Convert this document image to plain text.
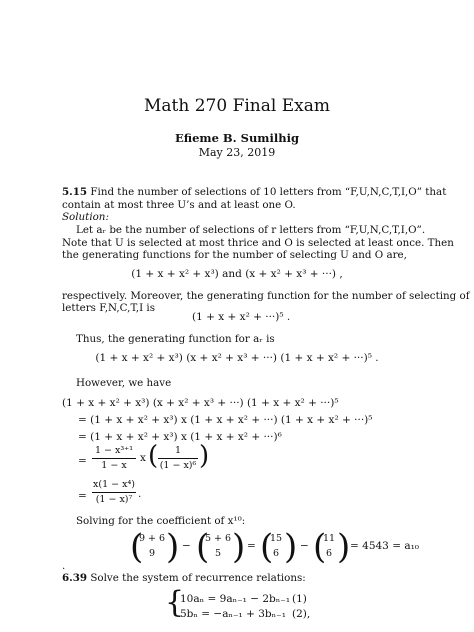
Math 270 Final Exam
Efieme B. Sumilhig
May 23, 2019
5.15 Find the number of selections of 10 letters from “F,U,N,C,T,I,O” that
contain at most three U’s and at least one O.
Solution:
Let aᵣ be the number of selections of r letters from “F,U,N,C,T,I,O”.
Note that U is selected at most thrice and O is selected at least once. Then
the generating functions for the number of selecting U and O are,
(1 + x + x² + x³) and (x + x² + x³ + ···) ,
respectively. Moreover, the generating function for the number of selecting of
letters F,N,C,T,I is
(1 + x + x² + ···)⁵ .
Thus, the generating function for aᵣ is
(1 + x + x² + x³) (x + x² + x³ + ···) (1 + x + x² + ···)⁵ .
However, we have
(1 + x + x² + x³) (x + x² + x³ + ···) (1 + x + x² + ···)⁵
= (1 + x + x² + x³) x (1 + x + x² + ···) (1 + x + x² + ···)⁵
= (1 + x + x² + x³) x (1 + x + x² + ···)⁶
=
1 − x³⁺¹
1 − x
x (	1
(1 − x)⁶ )
=
x(1 − x⁴)
(1 − x)⁷ .
Solving for the coefficient of x¹⁰:
(
9 + 6
9 ) − (
5 + 6
5 ) = (
15
6 ) − (
11
6 ) = 4543 = a₁₀
.
6.39 Solve the system of recurrence relations:
{
10aₙ = 9aₙ₋₁ − 2bₙ₋₁ (1)
5bₙ = −aₙ₋₁ + 3bₙ₋₁ (2),
